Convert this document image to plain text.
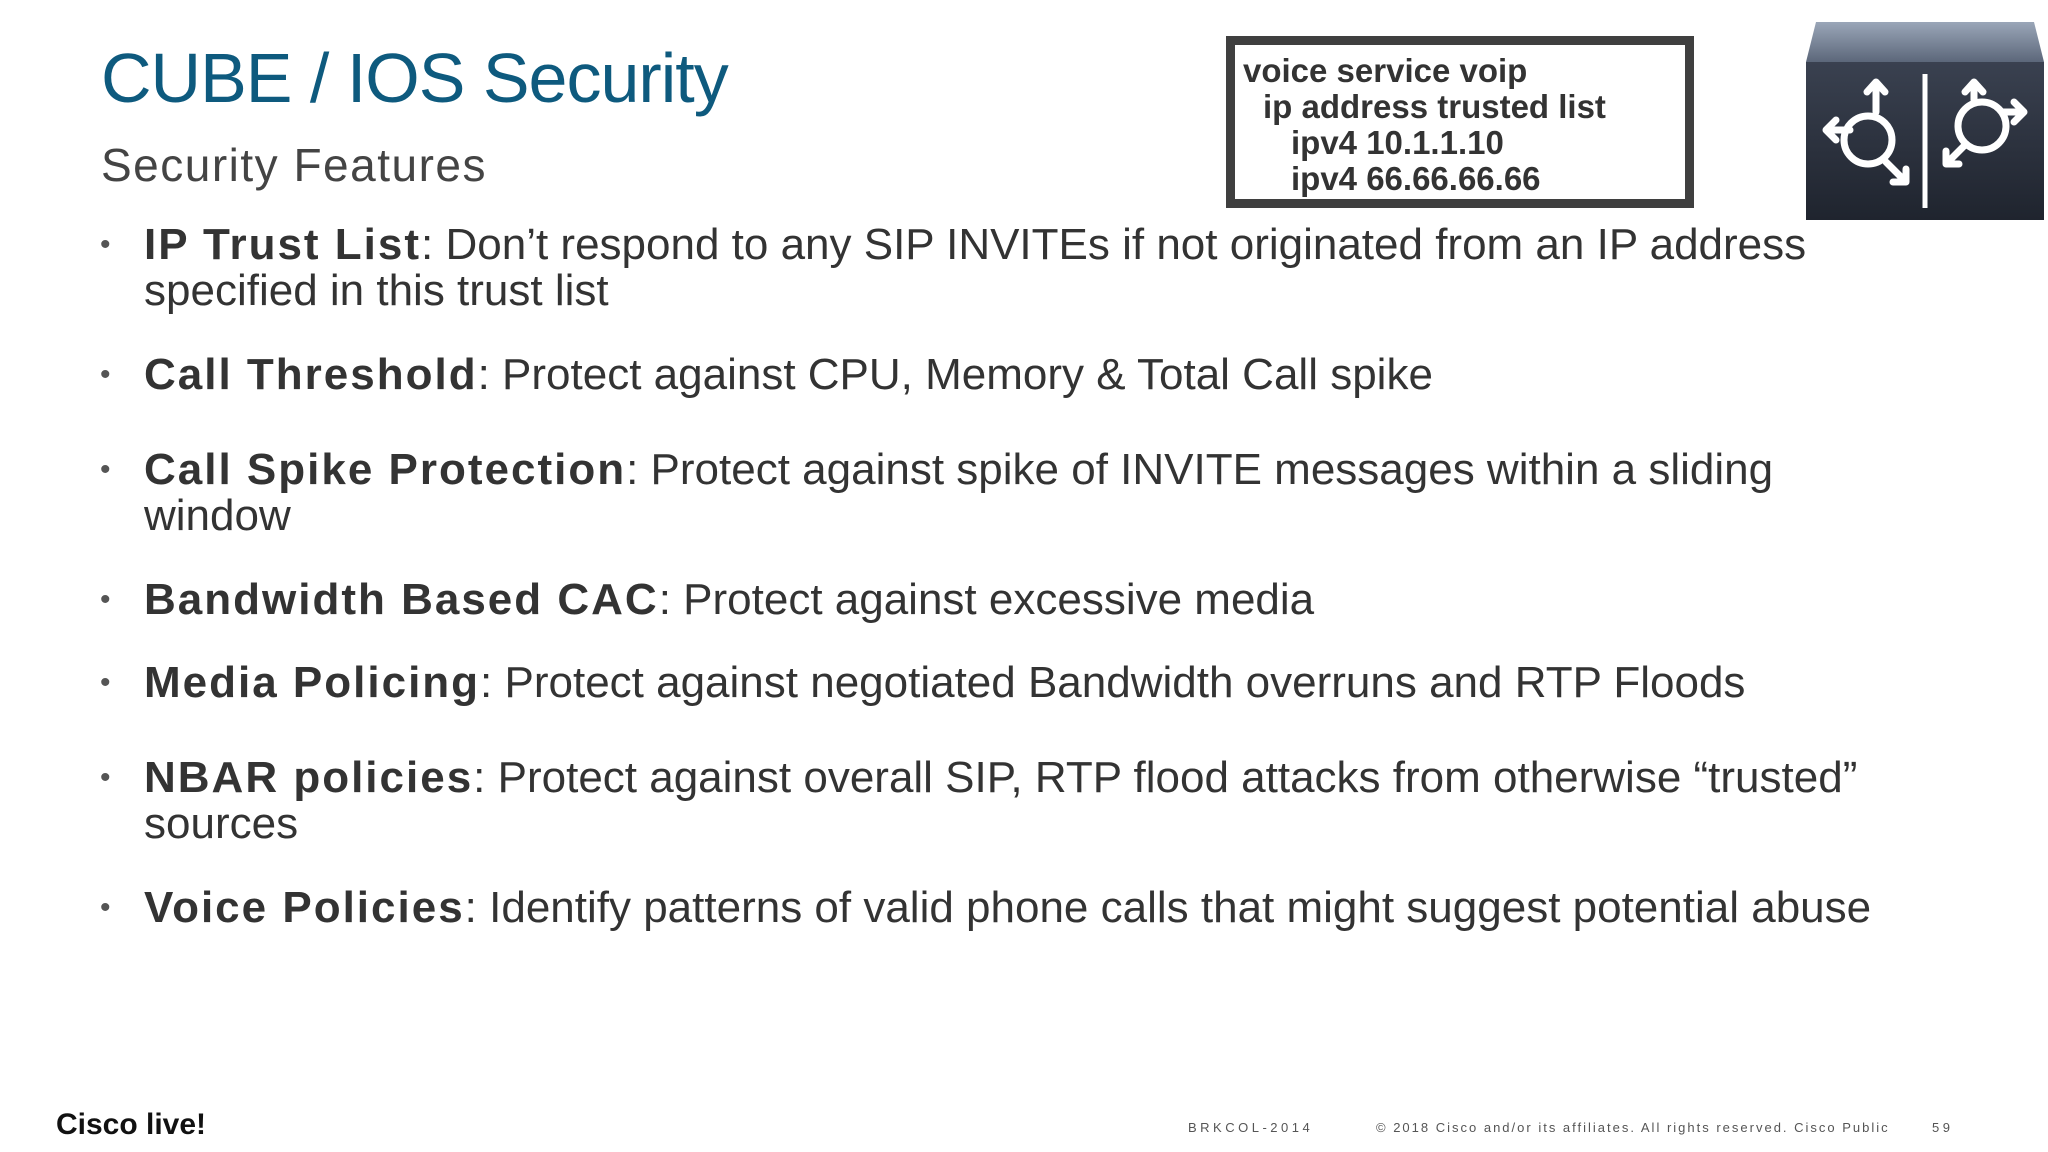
CUBE / IOS Security
Security Features
voice service voip
ip address trusted list
ipv4 10.1.1.10
ipv4 66.66.66.66
• IP Trust List: Don’t respond to any SIP INVITEs if not originated from an IP address
specified in this trust list
• Call Threshold: Protect against CPU, Memory & Total Call spike
• Call Spike Protection: Protect against spike of INVITE messages within a sliding
window
• Bandwidth Based CAC: Protect against excessive media
• Media Policing: Protect against negotiated Bandwidth overruns and RTP Floods
• NBAR policies: Protect against overall SIP, RTP flood attacks from otherwise “trusted”
sources
• Voice Policies: Identify patterns of valid phone calls that might suggest potential abuse
Cisco live!	BRKCOL-2014	© 2018 Cisco and/or its affiliates. All rights reserved. Cisco Public	59
